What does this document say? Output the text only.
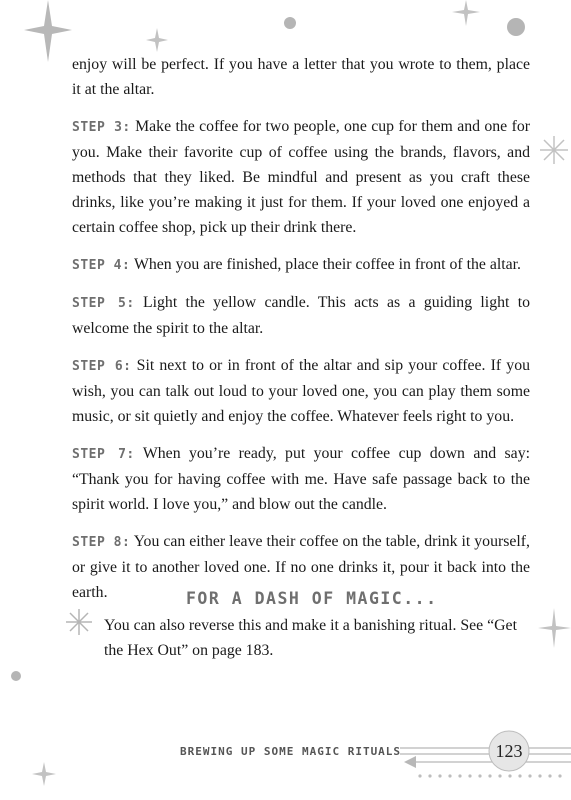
enjoy will be perfect. If you have a letter that you wrote to them, place it at the altar.

STEP 3: Make the coffee for two people, one cup for them and one for you. Make their favorite cup of coffee using the brands, flavors, and methods that they liked. Be mindful and present as you craft these drinks, like you’re making it just for them. If your loved one enjoyed a certain coffee shop, pick up their drink there.

STEP 4: When you are finished, place their coffee in front of the altar.

STEP 5: Light the yellow candle. This acts as a guiding light to welcome the spirit to the altar.

STEP 6: Sit next to or in front of the altar and sip your coffee. If you wish, you can talk out loud to your loved one, you can play them some music, or sit quietly and enjoy the coffee. Whatever feels right to you.

STEP 7: When you’re ready, put your coffee cup down and say: “Thank you for having coffee with me. Have safe passage back to the spirit world. I love you,” and blow out the candle.

STEP 8: You can either leave their coffee on the table, drink it yourself, or give it to another loved one. If no one drinks it, pour it back into the earth.	FOR A DASH OF MAGIC...
You can also reverse this and make it a banishing ritual. See “Get the Hex Out” on page 183.
BREWING UP SOME MAGIC RITUALS	123
